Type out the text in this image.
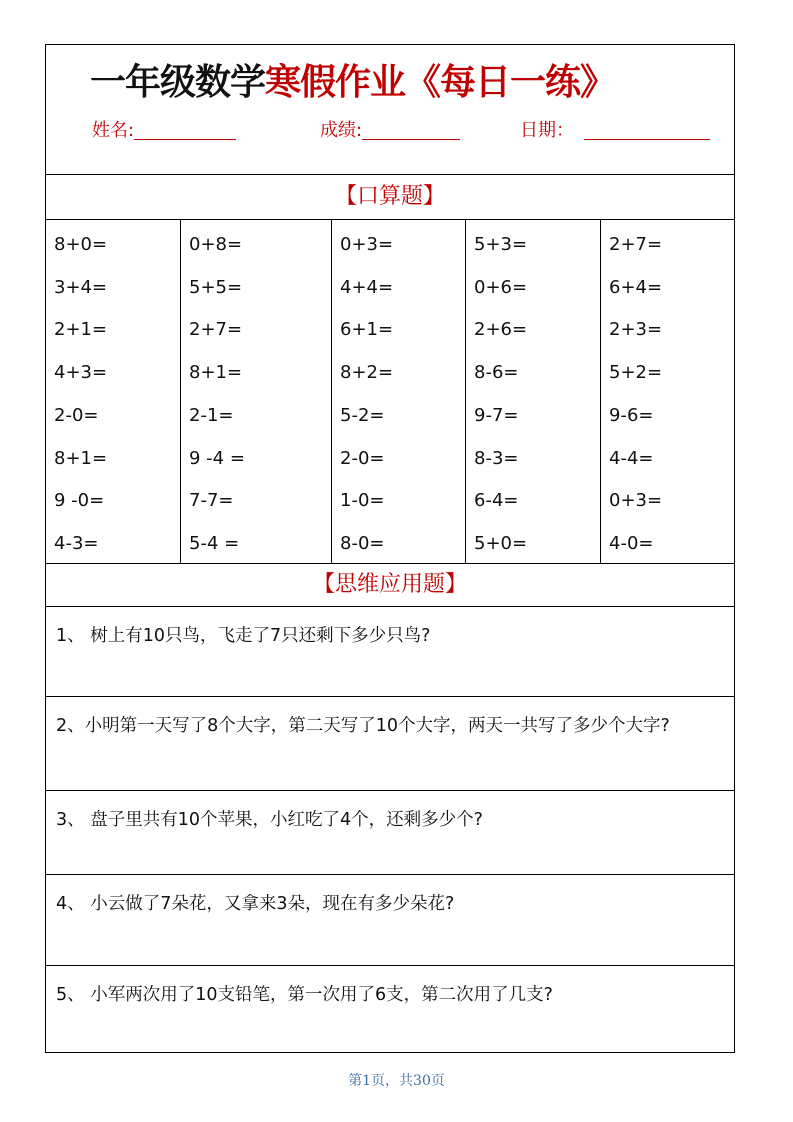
一年级数学寒假作业《每日一练》
姓名:	成绩:	日期：
【口算题】
8+0=
3+4=
2+1=
4+3=
2-0=
8+1=
9 -0=
4-3=
0+8=
5+5=
2+7=
8+1=
2-1=
9 -4 =
7-7=
5-4 =
0+3=
4+4=
6+1=
8+2=
5-2=
2-0=
1-0=
8-0=
5+3=
0+6=
2+6=
8-6=
9-7=
8-3=
6-4=
5+0=
2+7=
6+4=
2+3=
5+2=
9-6=
4-4=
0+3=
4-0=
【思维应用题】
1、 树上有10只鸟，飞走了7只还剩下多少只鸟?
2、小明第一天写了8个大字，第二天写了10个大字，两天一共写了多少个大字?
3、 盘子里共有10个苹果，小红吃了4个，还剩多少个?
4、 小云做了7朵花，又拿来3朵，现在有多少朵花?
5、 小军两次用了10支铅笔，第一次用了6支，第二次用了几支?
第1页，共30页
